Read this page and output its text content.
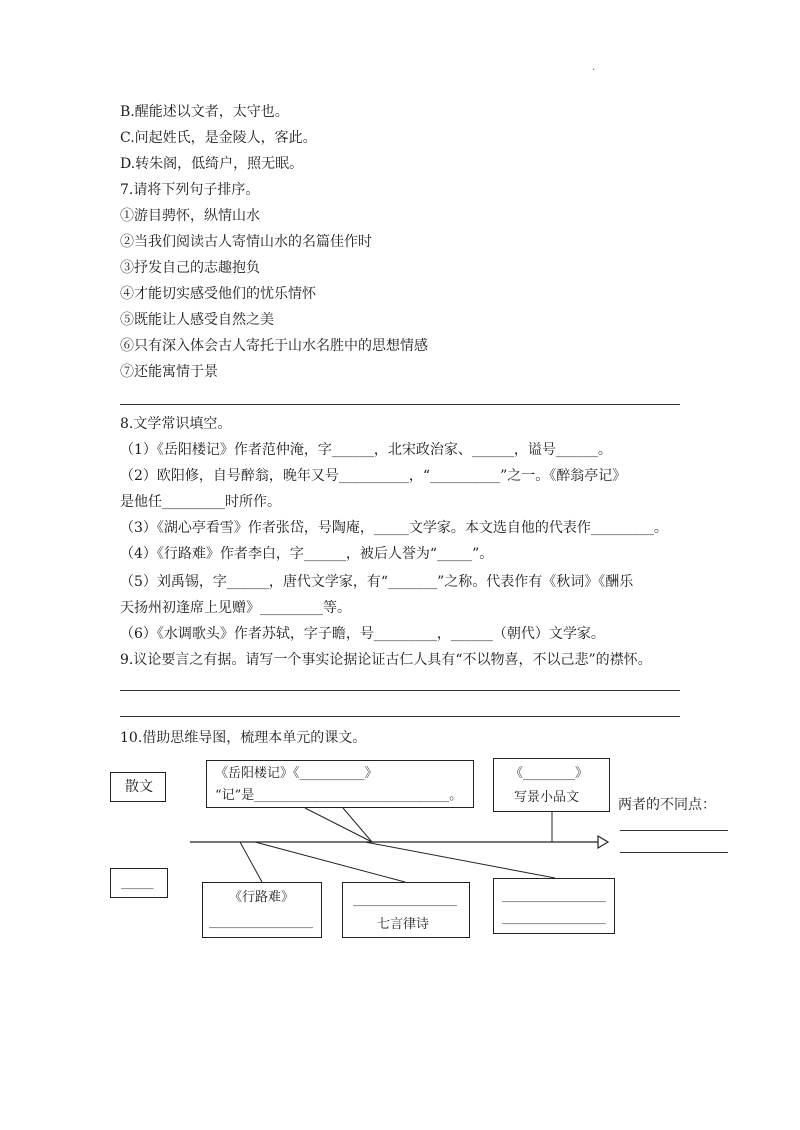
.
B.醒能述以文者，太守也。
C.问起姓氏，是金陵人，客此。
D.转朱阁，低绮户，照无眠。
7.请将下列句子排序。
①游目骋怀，纵情山水
②当我们阅读古人寄情山水的名篇佳作时
③抒发自己的志趣抱负
④才能切实感受他们的忧乐情怀
⑤既能让人感受自然之美
⑥只有深入体会古人寄托于山水名胜中的思想情感
⑦还能寓情于景
8.文学常识填空。
（1）《岳阳楼记》作者范仲淹，字______，北宋政治家、______，谥号______。
（2）欧阳修，自号醉翁，晚年又号__________，“__________”之一。《醉翁亭记》
是他任_________时所作。
（3）《湖心亭看雪》作者张岱，号陶庵，_____文学家。本文选自他的代表作_________。
（4）《行路难》作者李白，字______，被后人誉为“_____”。
（5）刘禹锡，字______，唐代文学家，有“_______”之称。代表作有《秋词》《酬乐
天扬州初逢席上见赠》_________等。
（6）《水调歌头》作者苏轼，字子瞻，号_________，______（朝代）文学家。
9.议论要言之有据。请写一个事实论据论证古仁人具有“不以物喜，不以己悲”的襟怀。
10.借助思维导图，梳理本单元的课文。
散文
_____
《岳阳楼记》《__________》
“记”是______________________________。
《________》
写景小品文	两者的不同点：
《行路难》
________________
________________
七言律诗
________________
________________
